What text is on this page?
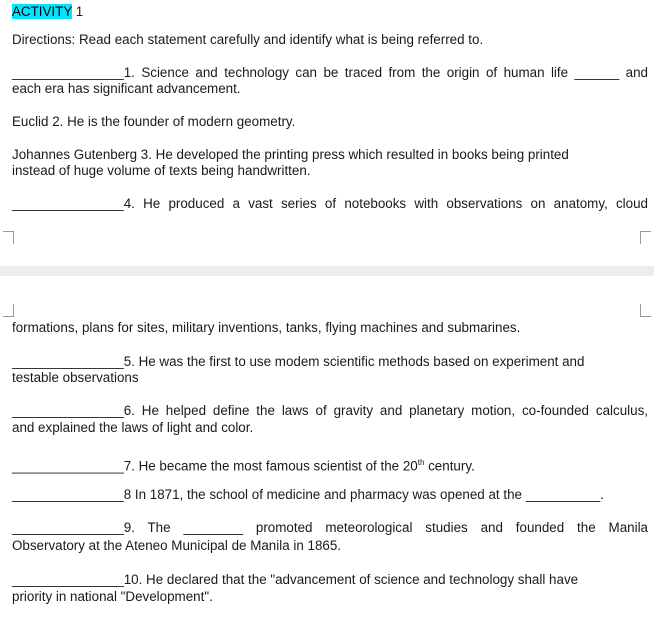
ACTIVITY 1
Directions: Read each statement carefully and identify what is being referred to.
_______________1. Science and technology can be traced from the origin of human life ______ and
each era has significant advancement.
Euclid 2. He is the founder of modern geometry.
Johannes Gutenberg 3. He developed the printing press which resulted in books being printed
instead of huge volume of texts being handwritten.
_______________4. He produced a vast series of notebooks with observations on anatomy, cloud
formations, plans for sites, military inventions, tanks, flying machines and submarines.
_______________5. He was the first to use modem scientific methods based on experiment and
testable observations
_______________6. He helped define the laws of gravity and planetary motion, co-founded calculus,
and explained the laws of light and color.
_______________7. He became the most famous scientist of the 20th century.
_______________8 In 1871, the school of medicine and pharmacy was opened at the __________.
_______________9. The ________ promoted meteorological studies and founded the Manila
Observatory at the Ateneo Municipal de Manila in 1865.
_______________10. He declared that the "advancement of science and technology shall have
priority in national "Development".
